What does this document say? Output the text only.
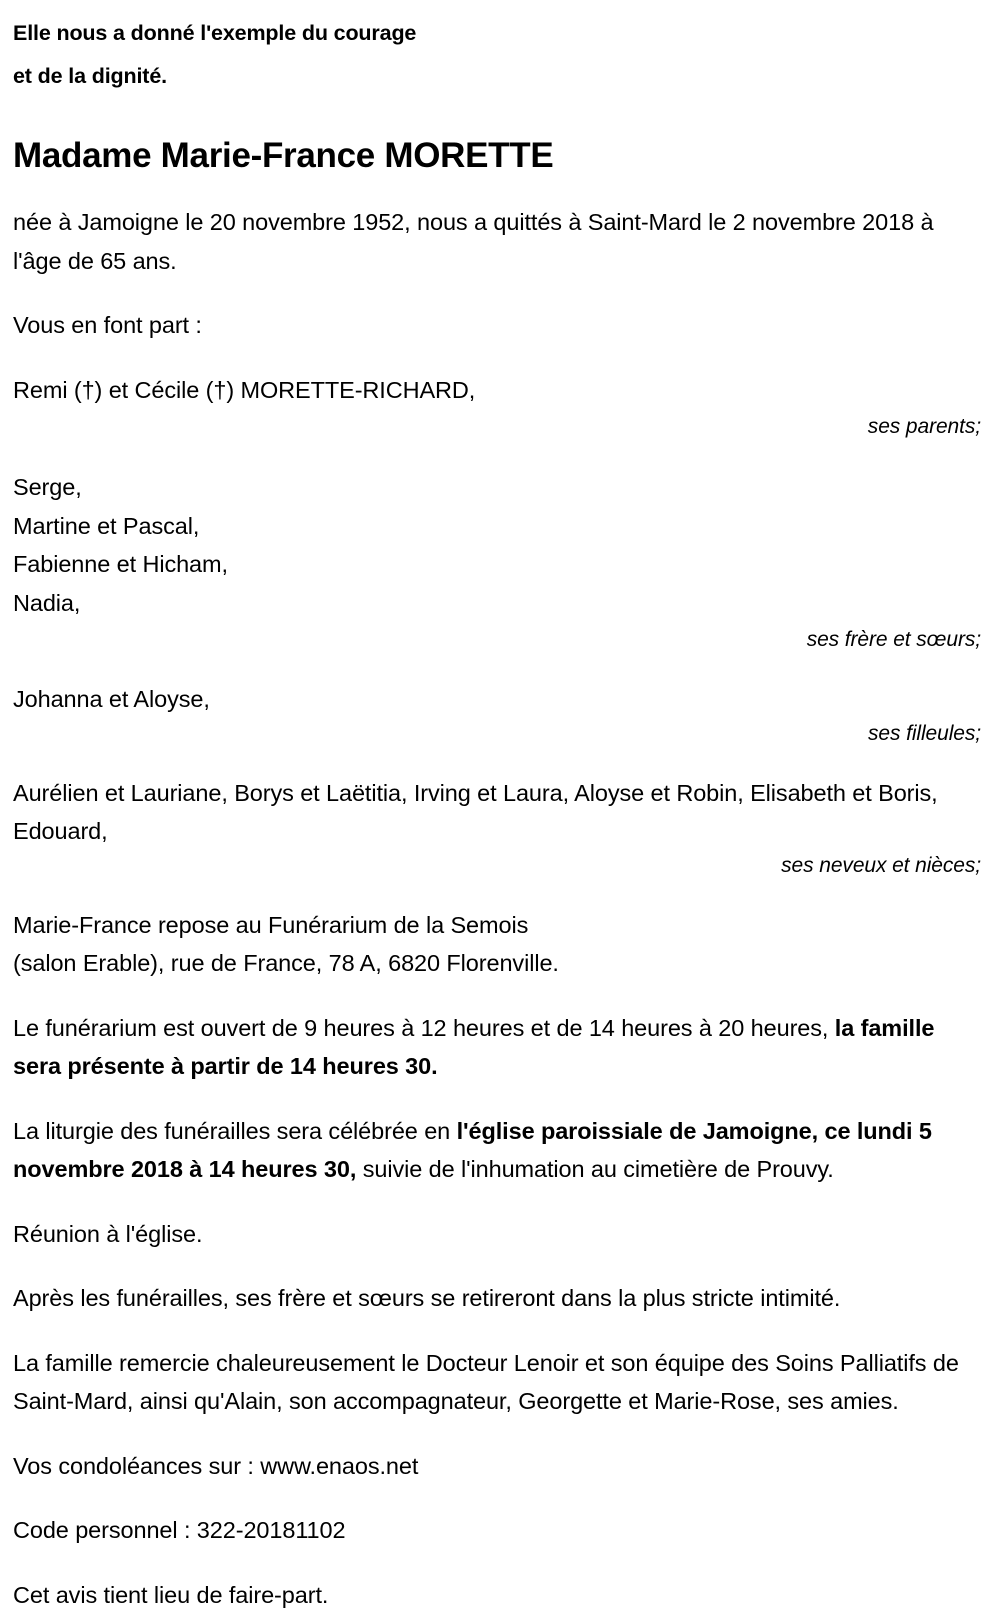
Elle nous a donné l'exemple du courage

et de la dignité.

Madame Marie-France MORETTE

née à Jamoigne le 20 novembre 1952, nous a quittés à Saint-Mard le 2 novembre 2018 à l'âge de 65 ans.

Vous en font part :

Remi (†) et Cécile (†) MORETTE-RICHARD,

ses parents;

Serge,
Martine et Pascal,
Fabienne et Hicham,
Nadia,

ses frère et sœurs;

Johanna et Aloyse,

ses filleules;

Aurélien et Lauriane, Borys et Laëtitia, Irving et Laura, Aloyse et Robin, Elisabeth et Boris, Edouard,

ses neveux et nièces;

Marie-France repose au Funérarium de la Semois
(salon Erable), rue de France, 78 A, 6820 Florenville.

Le funérarium est ouvert de 9 heures à 12 heures et de 14 heures à 20 heures, la famille sera présente à partir de 14 heures 30.

La liturgie des funérailles sera célébrée en l'église paroissiale de Jamoigne, ce lundi 5 novembre 2018 à 14 heures 30, suivie de l'inhumation au cimetière de Prouvy.

Réunion à l'église.

Après les funérailles, ses frère et sœurs se retireront dans la plus stricte intimité.

La famille remercie chaleureusement le Docteur Lenoir et son équipe des Soins Palliatifs de Saint-Mard, ainsi qu'Alain, son accompagnateur, Georgette et Marie-Rose, ses amies.

Vos condoléances sur : www.enaos.net

Code personnel : 322-20181102

Cet avis tient lieu de faire-part.
